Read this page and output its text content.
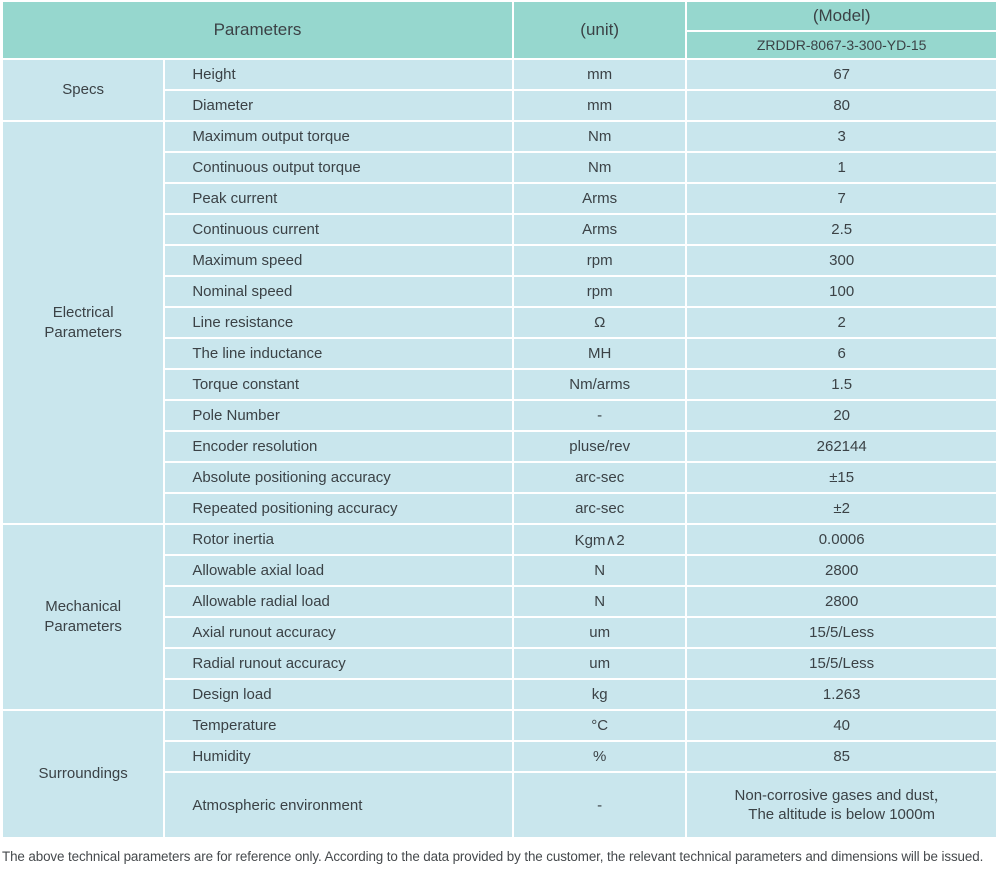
Parameters		(unit)	(Model)
			ZRDDR-8067-3-300-YD-15

Specs	Height	mm	67
	Diameter	mm	80

Electrical
Parameters	Maximum output torque	Nm	3
	Continuous output torque	Nm	1
	Peak current	Arms	7
	Continuous current	Arms	2.5
	Maximum speed	rpm	300
	Nominal speed	rpm	100
	Line resistance	Ω	2
	The line inductance	MH	6
	Torque constant	Nm/arms	1.5
	Pole Number	-	20
	Encoder resolution	pluse/rev	262144
	Absolute positioning accuracy	arc-sec	±15
	Repeated positioning accuracy	arc-sec	±2

Mechanical
Parameters	Rotor inertia	Kgm∧2	0.0006
	Allowable axial load	N	2800
	Allowable radial load	N	2800
	Axial runout accuracy	um	15/5/Less
	Radial runout accuracy	um	15/5/Less
	Design load	kg	1.263

Surroundings	Temperature	°C	40
	Humidity	%	85
	Atmospheric environment	-	Non-corrosive gases and dust，
The altitude is below 1000m
The above technical parameters are for reference only. According to the data provided by the customer, the relevant technical parameters and dimensions will be issued.
